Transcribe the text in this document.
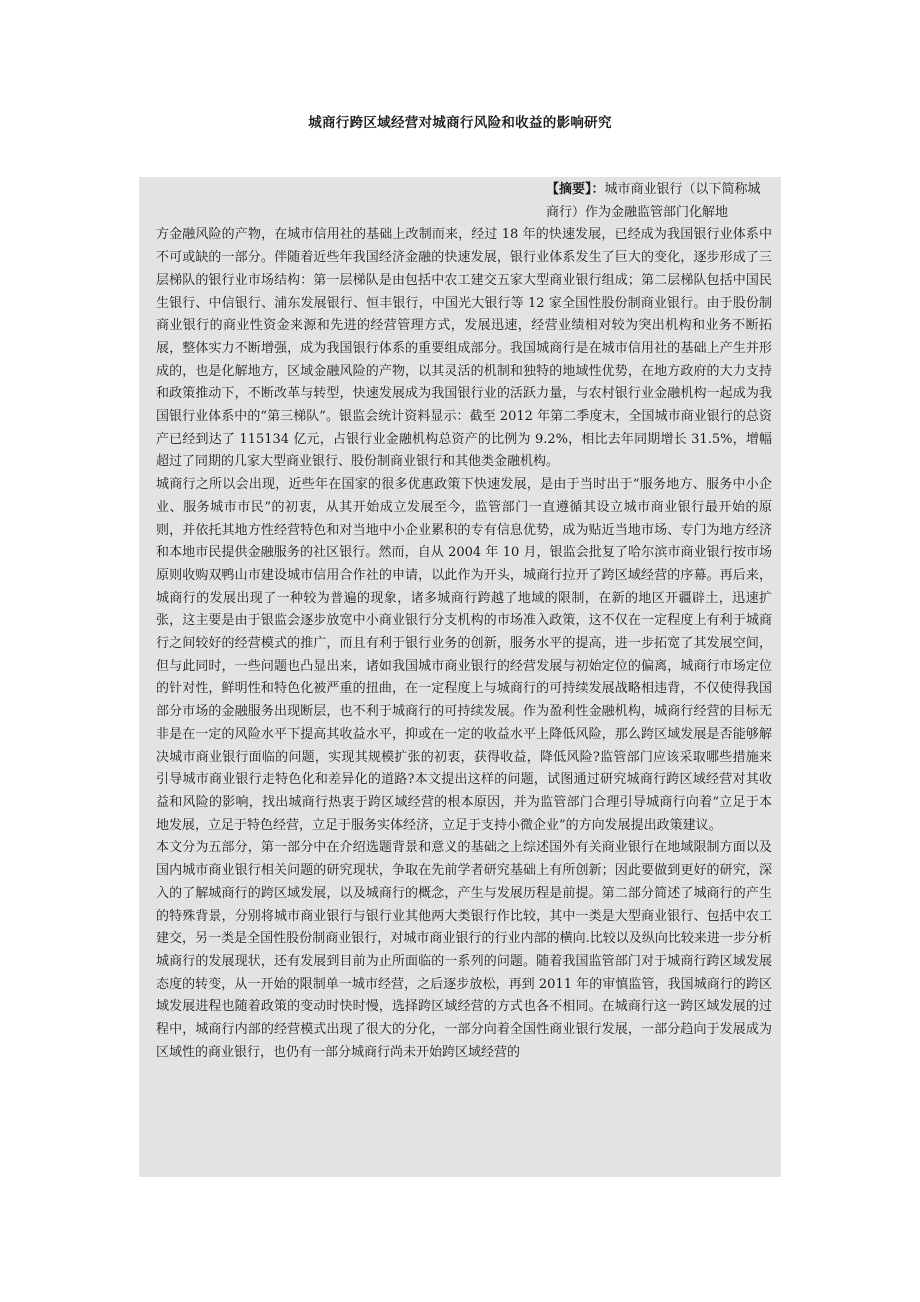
城商行跨区域经营对城商行风险和收益的影响研究
【摘要】：城市商业银行（以下简称城商行）作为金融监管部门化解地

方金融风险的产物，在城市信用社的基础上改制而来，经过 18 年的快速发展，已经成为我国银行业体系中不可或缺的一部分。伴随着近些年我国经济金融的快速发展，银行业体系发生了巨大的变化，逐步形成了三层梯队的银行业市场结构：第一层梯队是由包括中农工建交五家大型商业银行组成；第二层梯队包括中国民生银行、中信银行、浦东发展银行、恒丰银行，中国光大银行等 12 家全国性股份制商业银行。由于股份制商业银行的商业性资金来源和先进的经营管理方式，发展迅速，经营业绩相对较为突出机构和业务不断拓展，整体实力不断增强，成为我国银行体系的重要组成部分。我国城商行是在城市信用社的基础上产生并形成的，也是化解地方，区域金融风险的产物，以其灵活的机制和独特的地域性优势，在地方政府的大力支持和政策推动下，不断改革与转型，快速发展成为我国银行业的活跃力量，与农村银行业金融机构一起成为我国银行业体系中的“第三梯队”。银监会统计资料显示：截至 2012 年第二季度末，全国城市商业银行的总资产已经到达了 115134 亿元，占银行业金融机构总资产的比例为 9.2%，相比去年同期增长 31.5%，增幅超过了同期的几家大型商业银行、股份制商业银行和其他类金融机构。

城商行之所以会出现，近些年在国家的很多优惠政策下快速发展，是由于当时出于“服务地方、服务中小企业、服务城市市民”的初衷，从其开始成立发展至今，监管部门一直遵循其设立城市商业银行最开始的原则，并依托其地方性经营特色和对当地中小企业累积的专有信息优势，成为贴近当地市场、专门为地方经济和本地市民提供金融服务的社区银行。然而，自从 2004 年 10 月，银监会批复了哈尔滨市商业银行按市场原则收购双鸭山市建设城市信用合作社的申请，以此作为开头，城商行拉开了跨区域经营的序幕。再后来，城商行的发展出现了一种较为普遍的现象，诸多城商行跨越了地域的限制，在新的地区开疆辟土，迅速扩张，这主要是由于银监会逐步放宽中小商业银行分支机构的市场准入政策，这不仅在一定程度上有利于城商行之间较好的经营模式的推广，而且有利于银行业务的创新，服务水平的提高，进一步拓宽了其发展空间，但与此同时，一些问题也凸显出来，诸如我国城市商业银行的经营发展与初始定位的偏离，城商行市场定位的针对性，鲜明性和特色化被严重的扭曲，在一定程度上与城商行的可持续发展战略相违背，不仅使得我国部分市场的金融服务出现断层，也不利于城商行的可持续发展。作为盈利性金融机构，城商行经营的目标无非是在一定的风险水平下提高其收益水平，抑或在一定的收益水平上降低风险，那么跨区域发展是否能够解决城市商业银行面临的问题，实现其规模扩张的初衷，获得收益，降低风险?监管部门应该采取哪些措施来引导城市商业银行走特色化和差异化的道路?本文提出这样的问题，试图通过研究城商行跨区域经营对其收益和风险的影响，找出城商行热衷于跨区域经营的根本原因，并为监管部门合理引导城商行向着“立足于本地发展，立足于特色经营，立足于服务实体经济，立足于支持小微企业”的方向发展提出政策建议。

本文分为五部分，第一部分中在介绍选题背景和意义的基础之上综述国外有关商业银行在地域限制方面以及国内城市商业银行相关问题的研究现状，争取在先前学者研究基础上有所创新；因此要做到更好的研究，深入的了解城商行的跨区域发展，以及城商行的概念，产生与发展历程是前提。第二部分简述了城商行的产生的特殊背景，分别将城市商业银行与银行业其他两大类银行作比较，其中一类是大型商业银行、包括中农工建交，另一类是全国性股份制商业银行，对城市商业银行的行业内部的横向.比较以及纵向比较来进一步分析城商行的发展现状，还有发展到目前为止所面临的一系列的问题。随着我国监管部门对于城商行跨区域发展态度的转变，从一开始的限制单一城市经营，之后逐步放松，再到 2011 年的审慎监管，我国城商行的跨区域发展进程也随着政策的变动时快时慢，选择跨区域经营的方式也各不相同。在城商行这一跨区域发展的过程中，城商行内部的经营模式出现了很大的分化，一部分向着全国性商业银行发展，一部分趋向于发展成为区域性的商业银行，也仍有一部分城商行尚未开始跨区域经营的
